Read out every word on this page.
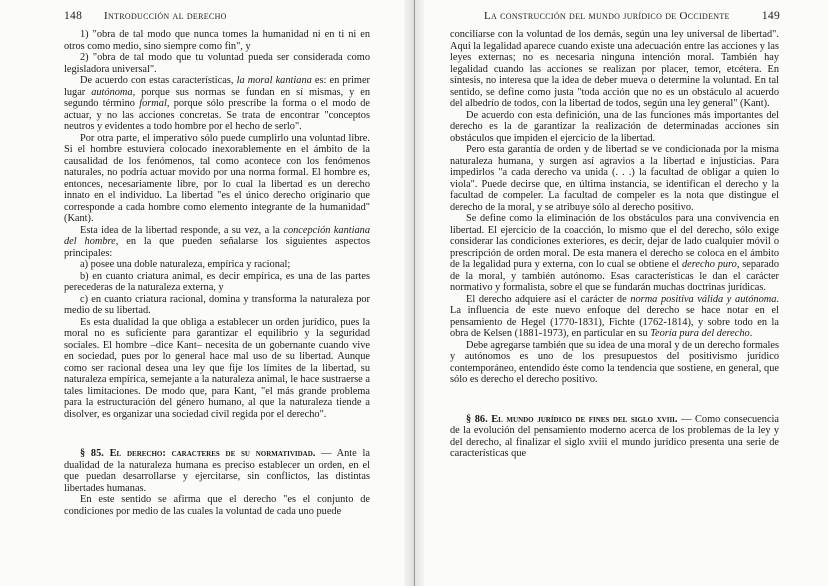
148 Introducción al derecho

1) "obra de tal modo que nunca tomes la humanidad ni en ti ni en otros como medio, sino siempre como fin", y

2) "obra de tal modo que tu voluntad pueda ser considerada como legisladora universal".

De acuerdo con estas características, la moral kantiana es: en primer lugar autónoma, porque sus normas se fundan en sí mismas, y en segundo término formal, porque sólo prescribe la forma o el modo de actuar, y no las acciones concretas. Se trata de encontrar "conceptos neutros y evidentes a todo hombre por el hecho de serlo".

Por otra parte, el imperativo sólo puede cumplirlo una voluntad libre. Si el hombre estuviera colocado inexorablemente en el ámbito de la causalidad de los fenómenos, tal como acontece con los fenómenos naturales, no podría actuar movido por una norma formal. El hombre es, entonces, necesariamente libre, por lo cual la libertad es un derecho innato en el individuo. La libertad "es el único derecho originario que corresponde a cada hombre como elemento integrante de la humanidad" (Kant).

Esta idea de la libertad responde, a su vez, a la concepción kantiana del hombre, en la que pueden señalarse los siguientes aspectos principales:

a) posee una doble naturaleza, empírica y racional;

b) en cuanto criatura animal, es decir empírica, es una de las partes perecederas de la naturaleza externa, y

c) en cuanto criatura racional, domina y transforma la naturaleza por medio de su libertad.

Es esta dualidad la que obliga a establecer un orden jurídico, pues la moral no es suficiente para garantizar el equilibrio y la seguridad sociales. El hombre –dice Kant– necesita de un gobernante cuando vive en sociedad, pues por lo general hace mal uso de su libertad. Aunque como ser racional desea una ley que fije los límites de la libertad, su naturaleza empírica, semejante a la naturaleza animal, le hace sustraerse a tales limitaciones. De modo que, para Kant, "el más grande problema para la estructuración del género humano, al que la naturaleza tiende a disolver, es organizar una sociedad civil regida por el derecho".

§ 85. El derecho: caracteres de su normatividad. — Ante la dualidad de la naturaleza humana es preciso establecer un orden, en el que puedan desarrollarse y ejercitarse, sin conflictos, las distintas libertades humanas.

En este sentido se afirma que el derecho "es el conjunto de condiciones por medio de las cuales la voluntad de cada uno puede

La construcción del mundo jurídico de Occidente	149

conciliarse con la voluntad de los demás, según una ley universal de libertad". Aquí la legalidad aparece cuando existe una adecuación entre las acciones y las leyes externas; no es necesaria ninguna intención moral. También hay legalidad cuando las acciones se realizan por placer, temor, etcétera. En síntesis, no interesa que la idea de deber mueva o determine la voluntad. En tal sentido, se define como justa "toda acción que no es un obstáculo al acuerdo del albedrío de todos, con la libertad de todos, según una ley general" (Kant).

De acuerdo con esta definición, una de las funciones más importantes del derecho es la de garantizar la realización de determinadas acciones sin obstáculos que impiden el ejercicio de la libertad.

Pero esta garantía de orden y de libertad se ve condicionada por la misma naturaleza humana, y surgen así agravios a la libertad e injusticias. Para impedirlos "a cada derecho va unida (. . .) la facultad de obligar a quien lo viola". Puede decirse que, en última instancia, se identifican el derecho y la facultad de compeler. La facultad de compeler es la nota que distingue el derecho de la moral, y se atribuye sólo al derecho positivo.

Se define como la eliminación de los obstáculos para una convivencia en libertad. El ejercicio de la coacción, lo mismo que el del derecho, sólo exige considerar las condiciones exteriores, es decir, dejar de lado cualquier móvil o prescripción de orden moral. De esta manera el derecho se coloca en el ámbito de la legalidad pura y externa, con lo cual se obtiene el derecho puro, separado de la moral, y también autónomo. Esas características le dan el carácter normativo y formalista, sobre el que se fundarán muchas doctrinas jurídicas.

El derecho adquiere así el carácter de norma positiva válida y autónoma. La influencia de este nuevo enfoque del derecho se hace notar en el pensamiento de Hegel (1770-1831), Fichte (1762-1814), y sobre todo en la obra de Kelsen (1881-1973), en particular en su Teoría pura del derecho.

Debe agregarse también que su idea de una moral y de un derecho formales y autónomos es uno de los presupuestos del positivismo jurídico contemporáneo, entendido éste como la tendencia que sostiene, en general, que sólo es derecho el derecho positivo.

§ 86. El mundo jurídico de fines del siglo xviii. — Como consecuencia de la evolución del pensamiento moderno acerca de los problemas de la ley y del derecho, al finalizar el siglo xviii el mundo jurídico presenta una serie de características que
